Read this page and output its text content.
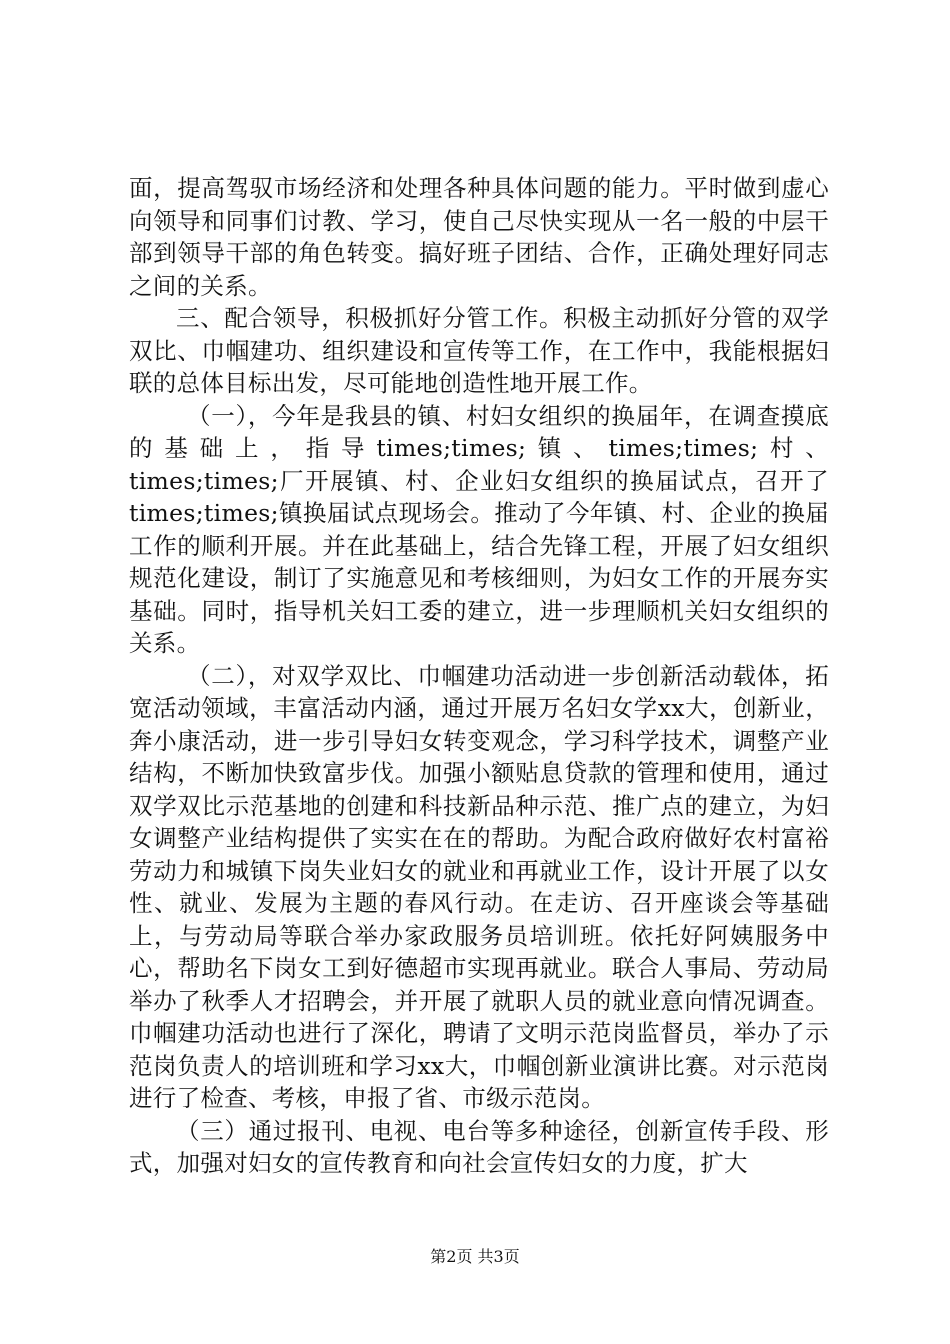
面，提高驾驭市场经济和处理各种具体问题的能力。平时做到虚心向领导和同事们讨教、学习，使自己尽快实现从一名一般的中层干部到领导干部的角色转变。搞好班子团结、合作，正确处理好同志之间的关系。

三、配合领导，积极抓好分管工作。积极主动抓好分管的双学双比、巾帼建功、组织建设和宣传等工作，在工作中，我能根据妇联的总体目标出发，尽可能地创造性地开展工作。

（一），今年是我县的镇、村妇女组织的换届年，在调查摸底的基础上，指导times;times;镇、times;times;村、times;times;厂开展镇、村、企业妇女组织的换届试点，召开了times;times;镇换届试点现场会。推动了今年镇、村、企业的换届工作的顺利开展。并在此基础上，结合先锋工程，开展了妇女组织规范化建设，制订了实施意见和考核细则，为妇女工作的开展夯实基础。同时，指导机关妇工委的建立，进一步理顺机关妇女组织的关系。

（二），对双学双比、巾帼建功活动进一步创新活动载体，拓宽活动领域，丰富活动内涵，通过开展万名妇女学xx大，创新业，奔小康活动，进一步引导妇女转变观念，学习科学技术，调整产业结构，不断加快致富步伐。加强小额贴息贷款的管理和使用，通过双学双比示范基地的创建和科技新品种示范、推广点的建立，为妇女调整产业结构提供了实实在在的帮助。为配合政府做好农村富裕劳动力和城镇下岗失业妇女的就业和再就业工作，设计开展了以女性、就业、发展为主题的春风行动。在走访、召开座谈会等基础上，与劳动局等联合举办家政服务员培训班。依托好阿姨服务中心，帮助名下岗女工到好德超市实现再就业。联合人事局、劳动局举办了秋季人才招聘会，并开展了就职人员的就业意向情况调查。巾帼建功活动也进行了深化，聘请了文明示范岗监督员，举办了示范岗负责人的培训班和学习xx大，巾帼创新业演讲比赛。对示范岗进行了检查、考核，申报了省、市级示范岗。

（三）通过报刊、电视、电台等多种途径，创新宣传手段、形式，加强对妇女的宣传教育和向社会宣传妇女的力度，扩大

第2页 共3页
